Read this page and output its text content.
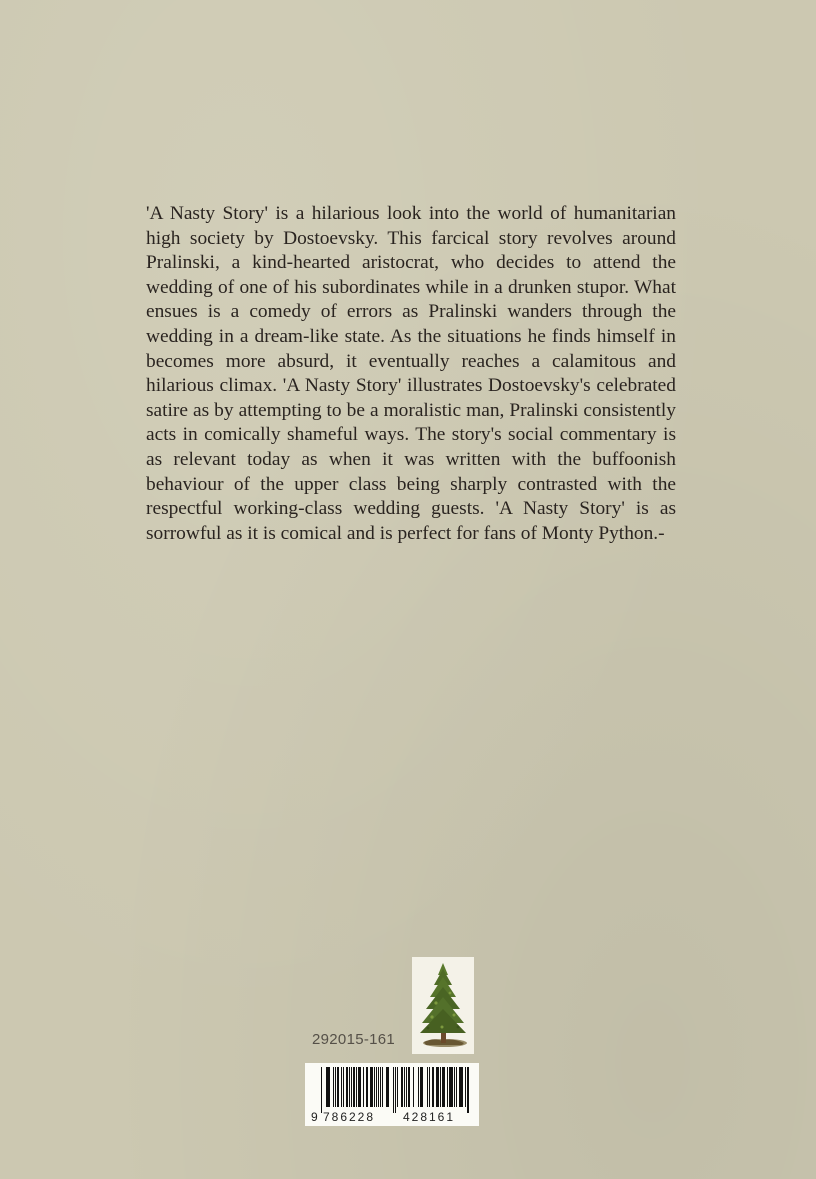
'A Nasty Story' is a hilarious look into the world of humanitarian high society by Dostoevsky. This farcical story revolves around Pralinski, a kind-hearted aristocrat, who decides to attend the wedding of one of his subordinates while in a drunken stupor. What ensues is a comedy of errors as Pralinski wanders through the wedding in a dream-like state. As the situations he finds himself in becomes more absurd, it eventually reaches a calamitous and hilarious climax. 'A Nasty Story' illustrates Dostoevsky's celebrated satire as by attempting to be a moralistic man, Pralinski consistently acts in comically shameful ways. The story's social commentary is as relevant today as when it was written with the buffoonish behaviour of the upper class being sharply contrasted with the respectful working-class wedding guests. 'A Nasty Story' is as sorrowful as it is comical and is perfect for fans of Monty Python.-

292015-161
9 786228 428161
